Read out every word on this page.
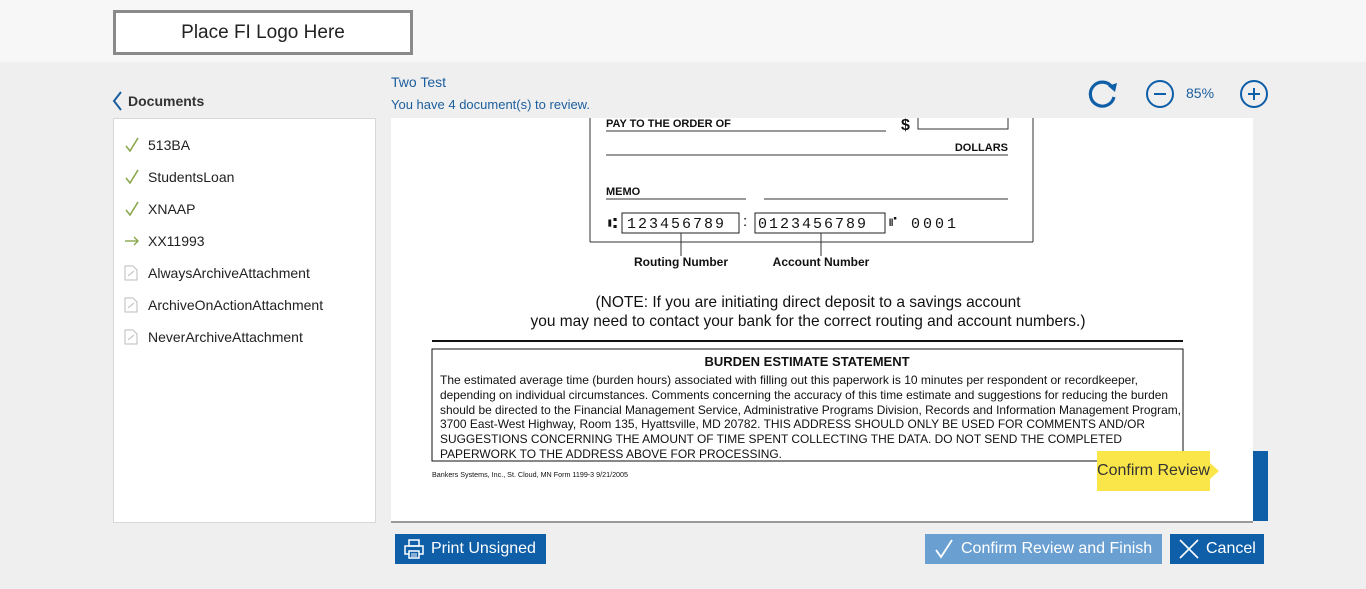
Place FI Logo Here
Documents
513BA
StudentsLoan
XNAAP
XX11993
AlwaysArchiveAttachment
ArchiveOnActionAttachment
NeverArchiveAttachment
Two Test
You have 4 document(s) to review.
85%
PAY TO THE ORDER OF	$
DOLLARS
MEMO
⑆ 123456789 : 0123456789 ⑈ 0001
Routing Number	Account Number
(NOTE: If you are initiating direct deposit to a savings account
you may need to contact your bank for the correct routing and account numbers.)
BURDEN ESTIMATE STATEMENT
The estimated average time (burden hours) associated with filling out this paperwork is 10 minutes per respondent or recordkeeper,
depending on individual circumstances. Comments concerning the accuracy of this time estimate and suggestions for reducing the burden
should be directed to the Financial Management Service, Administrative Programs Division, Records and Information Management Program,
3700 East-West Highway, Room 135, Hyattsville, MD 20782. THIS ADDRESS SHOULD ONLY BE USED FOR COMMENTS AND/OR
SUGGESTIONS CONCERNING THE AMOUNT OF TIME SPENT COLLECTING THE DATA. DO NOT SEND THE COMPLETED
PAPERWORK TO THE ADDRESS ABOVE FOR PROCESSING.
Bankers Systems, Inc., St. Cloud, MN Form 1199-3 9/21/2005	Confirm Review
Print Unsigned	Confirm Review and Finish	Cancel
